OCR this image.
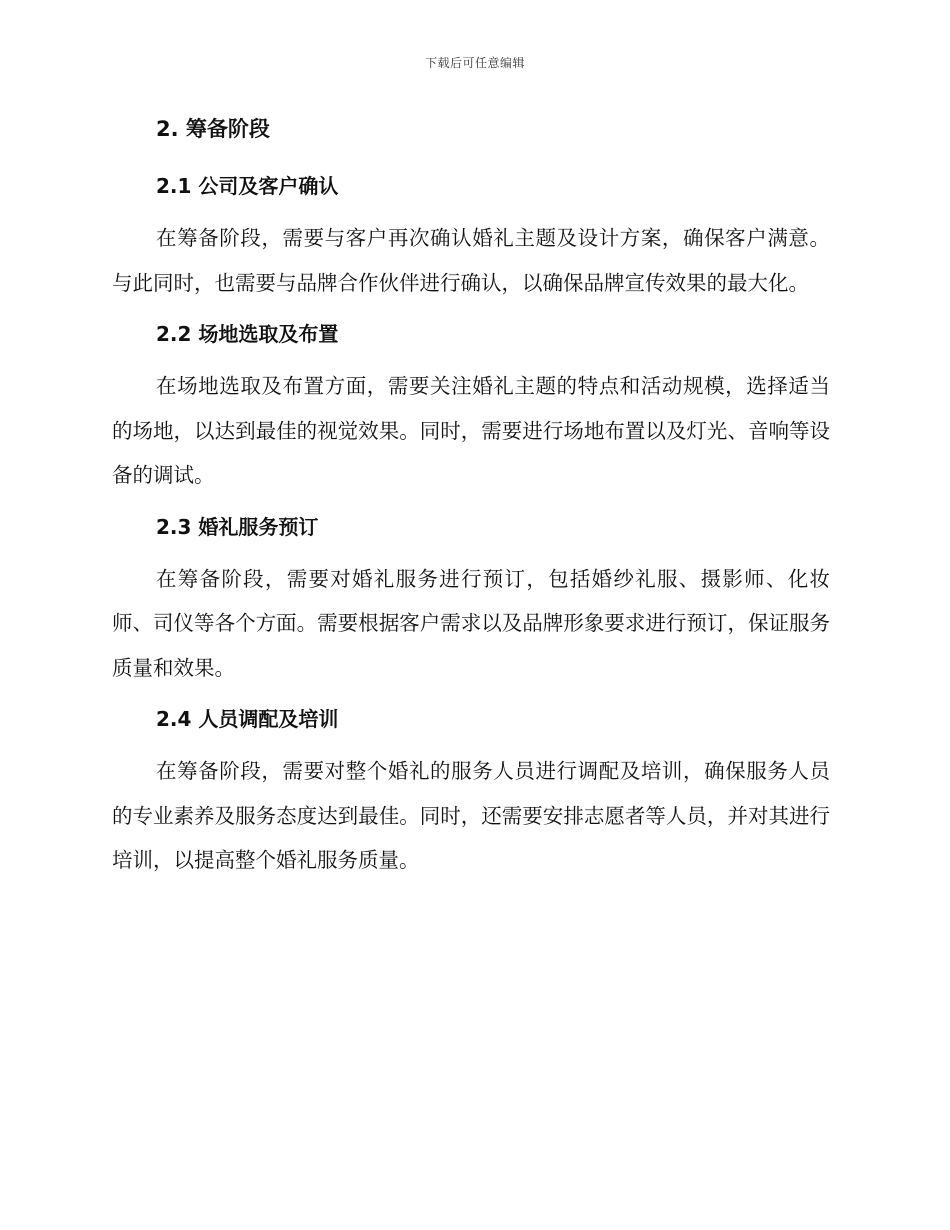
下载后可任意编辑
2. 筹备阶段
2.1 公司及客户确认

在筹备阶段，需要与客户再次确认婚礼主题及设计方案，确保客户满意。与此同时，也需要与品牌合作伙伴进行确认，以确保品牌宣传效果的最大化。

2.2 场地选取及布置

在场地选取及布置方面，需要关注婚礼主题的特点和活动规模，选择适当的场地，以达到最佳的视觉效果。同时，需要进行场地布置以及灯光、音响等设备的调试。

2.3 婚礼服务预订

在筹备阶段，需要对婚礼服务进行预订，包括婚纱礼服、摄影师、化妆师、司仪等各个方面。需要根据客户需求以及品牌形象要求进行预订，保证服务质量和效果。

2.4 人员调配及培训

在筹备阶段，需要对整个婚礼的服务人员进行调配及培训，确保服务人员的专业素养及服务态度达到最佳。同时，还需要安排志愿者等人员，并对其进行培训，以提高整个婚礼服务质量。
